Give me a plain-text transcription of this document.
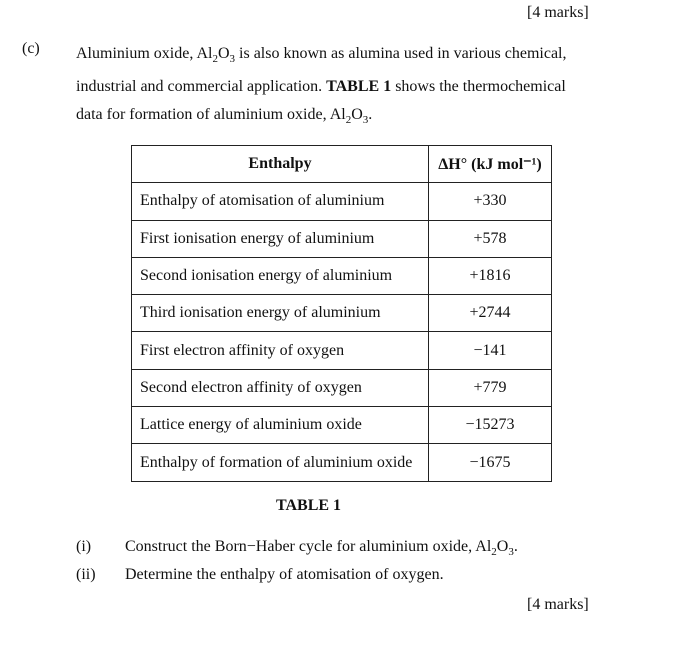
[4 marks]
(c) Aluminium oxide, $Al_2O_3$ is also known as alumina used in various chemical,
industrial and commercial application. TABLE 1 shows the thermochemical
data for formation of aluminium oxide, $Al_2O_3$.
Enthalpy	ΔH° (kJ mol⁻¹)
Enthalpy of atomisation of aluminium	+330
First ionisation energy of aluminium	+578
Second ionisation energy of aluminium	+1816
Third ionisation energy of aluminium	+2744
First electron affinity of oxygen	−141
Second electron affinity of oxygen	+779
Lattice energy of aluminium oxide	−15273
Enthalpy of formation of aluminium oxide	−1675
TABLE 1
(i) Construct the Born−Haber cycle for aluminium oxide, $Al_2O_3$.
(ii) Determine the enthalpy of atomisation of oxygen.
[4 marks]
